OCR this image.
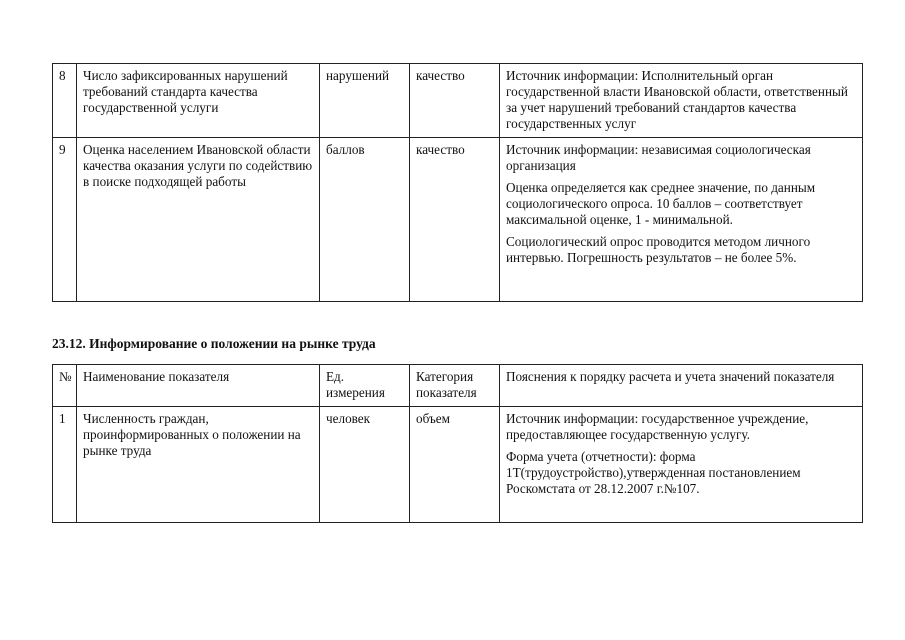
8	Число зафиксированных нарушений требований стандарта качества государственной услуги	нарушений	качество	Источник информации: Исполнительный орган государственной власти Ивановской области, ответственный за учет нарушений требований стандартов качества государственных услуг

9	Оценка населением Ивановской области качества оказания услуги по содействию в поиске подходящей работы	баллов	качество	Источник информации: независимая социологическая организация

Оценка определяется как среднее значение, по данным социологического опроса. 10 баллов – соответствует максимальной оценке, 1 - минимальной.

Социологический опрос проводится методом личного интервью. Погрешность результатов – не более 5%.

23.12. Информирование о положении на рынке труда
№	Наименование показателя	Ед. измерения	Категория показателя	Пояснения к порядку расчета и учета значений показателя
1	Численность граждан, проинформированных о положении на рынке труда	человек	объем	Источник информации: государственное учреждение, предоставляющее государственную услугу.

Форма учета (отчетности): форма 1Т(трудоустройство),утвержденная постановлением Роскомстата от 28.12.2007 г.№107.
